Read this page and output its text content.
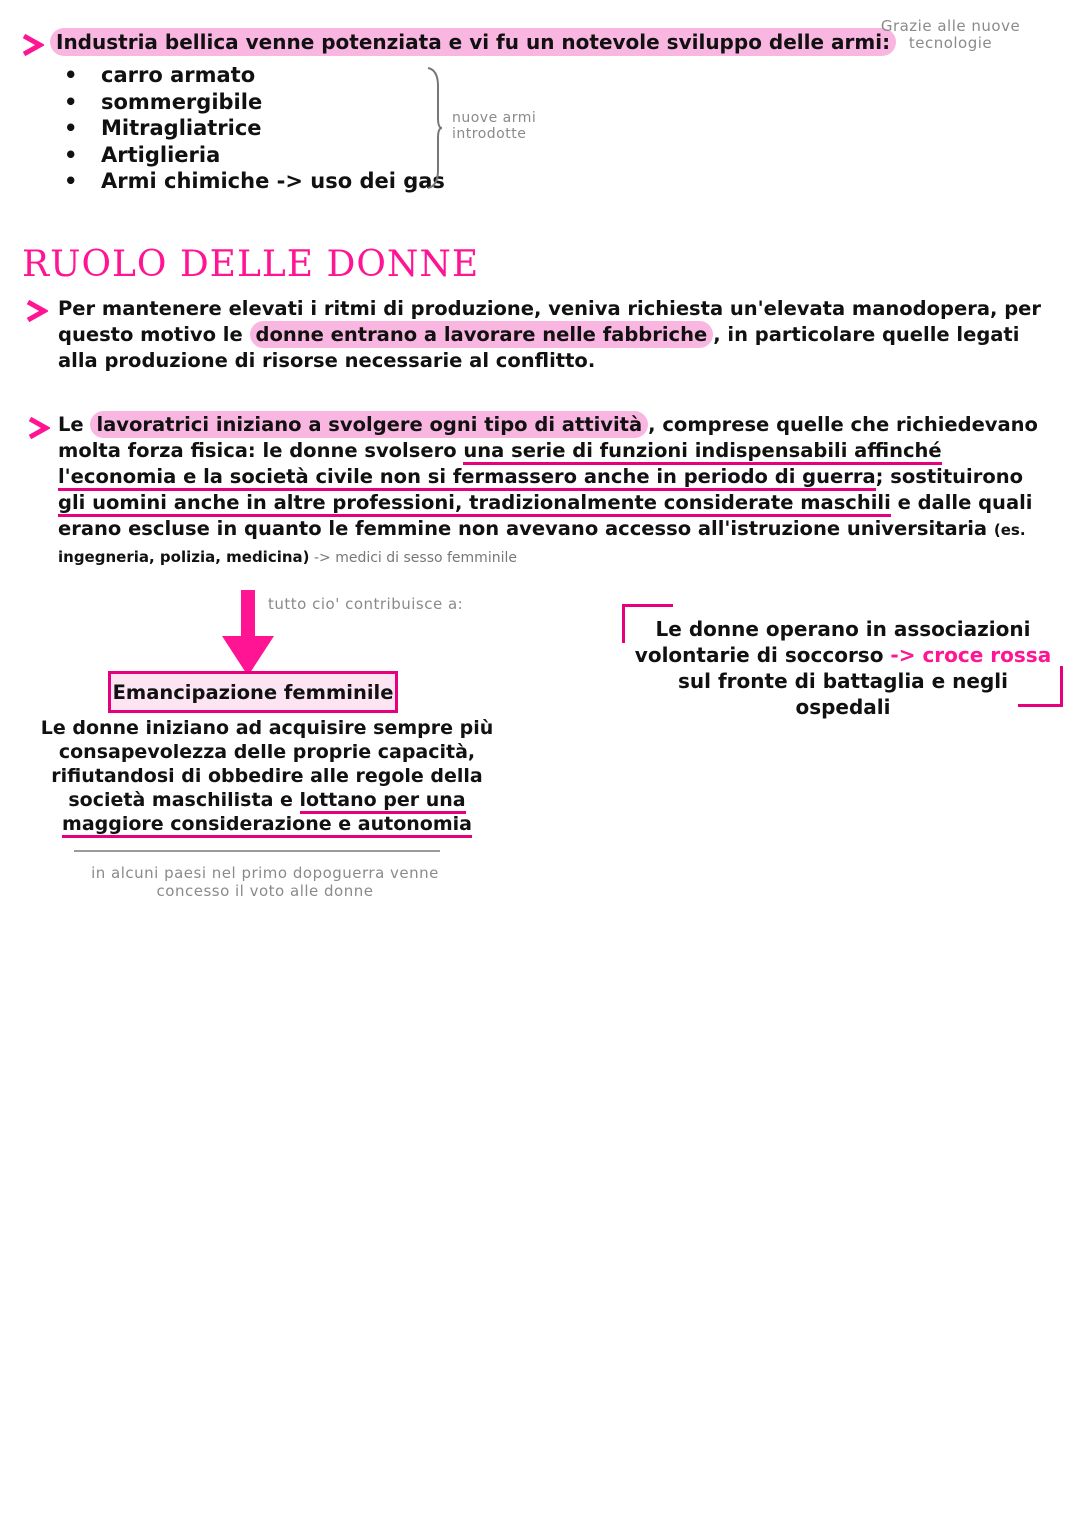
Industria bellica venne potenziata e vi fu un notevole sviluppo delle armi:
Grazie alle nuove tecnologie
• carro armato
• sommergibile
• Mitragliatrice
• Artiglieria
• Armi chimiche -> uso dei gas
nuove armi introdotte
RUOLO DELLE DONNE
Per mantenere elevati i ritmi di produzione, veniva richiesta un'elevata manodopera, per questo motivo le donne entrano a lavorare nelle fabbriche , in particolare quelle legati alla produzione di risorse necessarie al conflitto.
Le lavoratrici iniziano a svolgere ogni tipo di attività , comprese quelle che richiedevano molta forza fisica: le donne svolsero una serie di funzioni indispensabili affinché l'economia e la società civile non si fermassero anche in periodo di guerra; sostituirono gli uomini anche in altre professioni, tradizionalmente considerate maschili e dalle quali erano escluse in quanto le femmine non avevano accesso all'istruzione universitaria (es. ingegneria, polizia, medicina) -> medici di sesso femminile
tutto cio' contribuisce a:
Emancipazione femminile
Le donne iniziano ad acquisire sempre più consapevolezza delle proprie capacità, rifiutandosi di obbedire alle regole della società maschilista e lottano per una maggiore considerazione e autonomia
in alcuni paesi nel primo dopoguerra venne concesso il voto alle donne
Le donne operano in associazioni volontarie di soccorso -> croce rossa sul fronte di battaglia e negli ospedali
